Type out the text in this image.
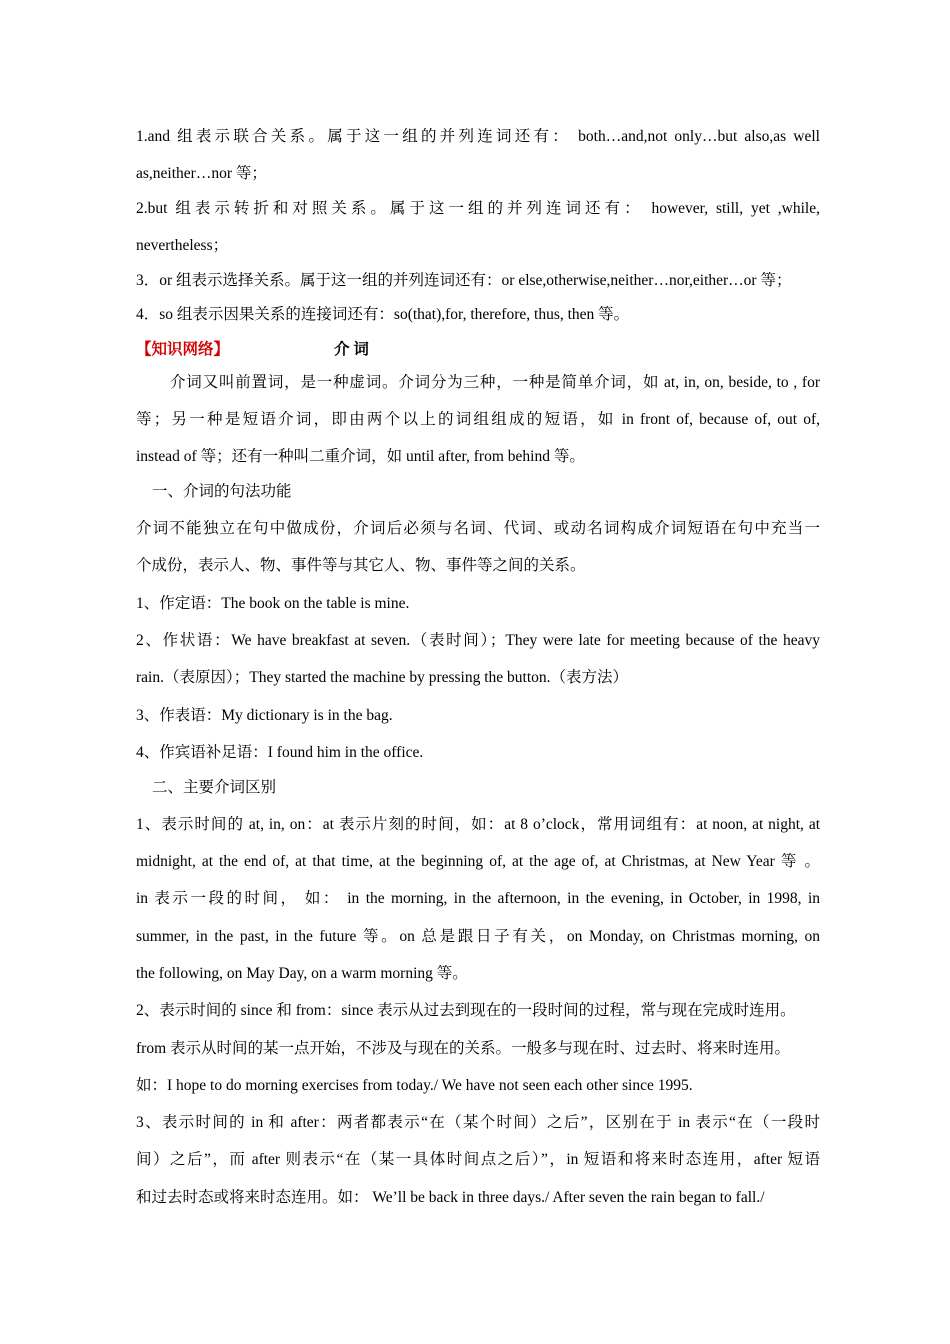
1.and 组表示联合关系。属于这一组的并列连词还有： both…and,not only…but also,as well
as,neither…nor 等；
2.but 组表示转折和对照关系。属于这一组的并列连词还有： however, still, yet ,while,
nevertheless；
3．or 组表示选择关系。属于这一组的并列连词还有：or else,otherwise,neither…nor,either…or 等；
4．so 组表示因果关系的连接词还有：so(that),for, therefore, thus, then 等。
【知识网络】	介 词
介词又叫前置词，是一种虚词。介词分为三种，一种是简单介词，如 at, in, on, beside, to , for
等；另一种是短语介词，即由两个以上的词组组成的短语，如 in front of, because of, out of,
instead of 等；还有一种叫二重介词，如 until after, from behind 等。
一、介词的句法功能
介词不能独立在句中做成份，介词后必须与名词、代词、或动名词构成介词短语在句中充当一
个成份，表示人、物、事件等与其它人、物、事件等之间的关系。
1、作定语：The book on the table is mine.
2、作状语：We have breakfast at seven.（表时间）；They were late for meeting because of the heavy
rain.（表原因）；They started the machine by pressing the button.（表方法）
3、作表语：My dictionary is in the bag.
4、作宾语补足语：I found him in the office.
二、主要介词区别
1、表示时间的 at, in, on：at 表示片刻的时间，如：at 8 o’clock，常用词组有：at noon, at night, at
midnight, at the end of, at that time, at the beginning of, at the age of, at Christmas, at New Year 等 。
in 表示一段的时间， 如： in the morning, in the afternoon, in the evening, in October, in 1998, in
summer, in the past, in the future 等。on 总是跟日子有关，on Monday, on Christmas morning, on
the following, on May Day, on a warm morning 等。
2、表示时间的 since 和 from：since 表示从过去到现在的一段时间的过程，常与现在完成时连用。
from 表示从时间的某一点开始，不涉及与现在的关系。一般多与现在时、过去时、将来时连用。
如：I hope to do morning exercises from today./ We have not seen each other since 1995.
3、表示时间的 in 和 after：两者都表示“在（某个时间）之后”，区别在于 in 表示“在（一段时
间）之后”，而 after 则表示“在（某一具体时间点之后）”，in 短语和将来时态连用，after 短语
和过去时态或将来时态连用。如： We’ll be back in three days./ After seven the rain began to fall./
